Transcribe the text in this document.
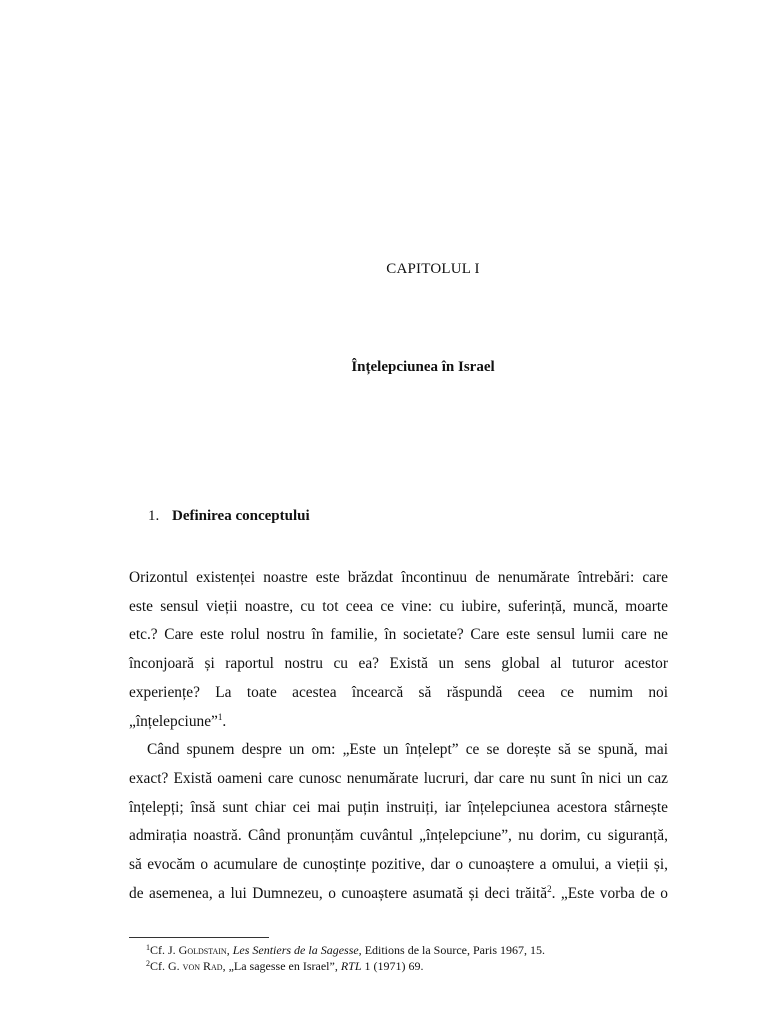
CAPITOLUL I
Înțelepciunea în Israel
1. Definirea conceptului
Orizontul existenței noastre este brăzdat încontinuu de nenumărate întrebări: care
este sensul vieții noastre, cu tot ceea ce vine: cu iubire, suferință, muncă, moarte
etc.? Care este rolul nostru în familie, în societate? Care este sensul lumii care ne
înconjoară și raportul nostru cu ea? Există un sens global al tuturor acestor
experiențe? La toate acestea încearcă să răspundă ceea ce numim noi
„înțelepciune”$^1$.
Când spunem despre un om: „Este un înțelept” ce se dorește să se spună, mai
exact? Există oameni care cunosc nenumărate lucruri, dar care nu sunt în nici un caz
înțelepți; însă sunt chiar cei mai puțin instruiți, iar înțelepciunea acestora stârnește
admirația noastră. Când pronunțăm cuvântul „înțelepciune”, nu dorim, cu siguranță,
să evocăm o acumulare de cunoștințe pozitive, dar o cunoaștere a omului, a vieții și,
de asemenea, a lui Dumnezeu, o cunoaștere asumată și deci trăită$^2$. „Este vorba de o
$^1$Cf. J. Goldstain, Les Sentiers de la Sagesse, Editions de la Source, Paris 1967, 15.
$^2$Cf. G. von Rad, „La sagesse en Israel”, RTL 1 (1971) 69.
